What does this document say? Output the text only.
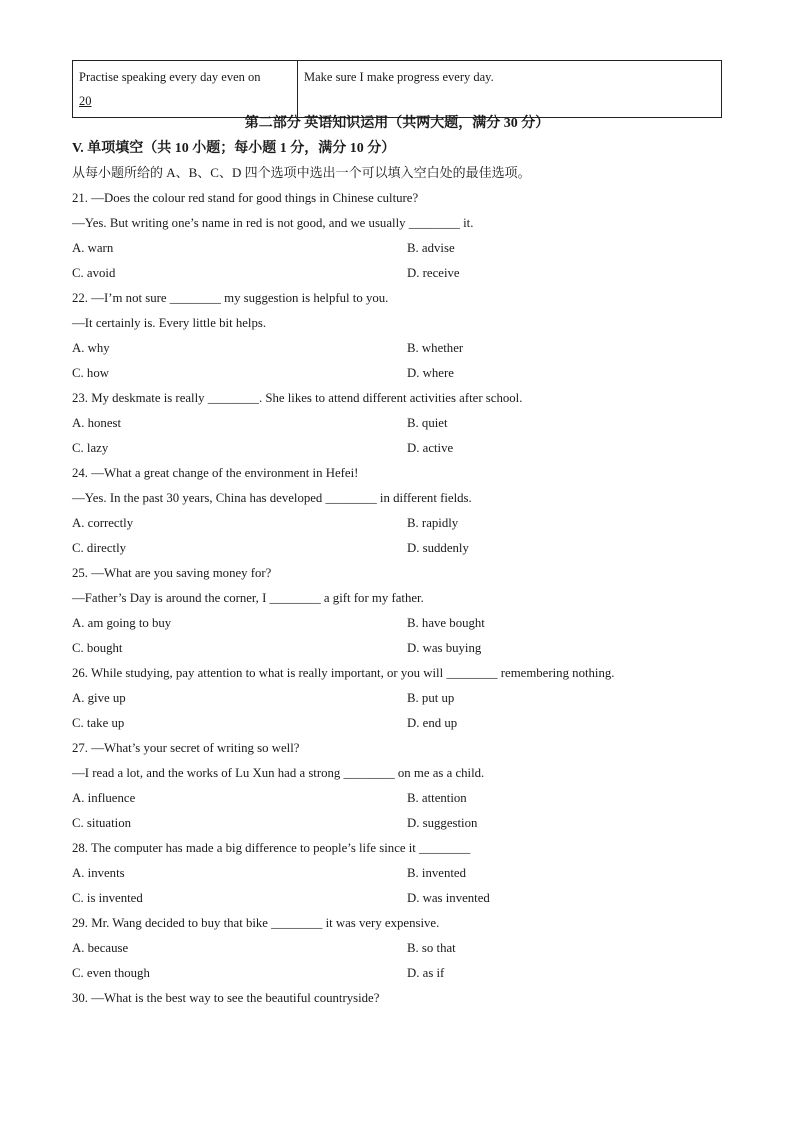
Practise speaking every day even on
20	Make sure I make progress every day.
第二部分 英语知识运用（共两大题，满分 30 分）
V. 单项填空（共 10 小题；每小题 1 分，满分 10 分）
从每小题所给的 A、B、C、D 四个选项中选出一个可以填入空白处的最佳选项。
21. —Does the colour red stand for good things in Chinese culture?
—Yes. But writing one’s name in red is not good, and we usually ________ it.
A. warn	B. advise
C. avoid	D. receive
22. —I’m not sure ________ my suggestion is helpful to you.
—It certainly is. Every little bit helps.
A. why	B. whether
C. how	D. where
23. My deskmate is really ________. She likes to attend different activities after school.
A. honest	B. quiet
C. lazy	D. active
24. —What a great change of the environment in Hefei!
—Yes. In the past 30 years, China has developed ________ in different fields.
A. correctly	B. rapidly
C. directly	D. suddenly
25. —What are you saving money for?
—Father’s Day is around the corner, I ________ a gift for my father.
A. am going to buy	B. have bought
C. bought	D. was buying
26. While studying, pay attention to what is really important, or you will ________ remembering nothing.
A. give up	B. put up
C. take up	D. end up
27. —What’s your secret of writing so well?
—I read a lot, and the works of Lu Xun had a strong ________ on me as a child.
A. influence	B. attention
C. situation	D. suggestion
28. The computer has made a big difference to people’s life since it ________
A. invents	B. invented
C. is invented	D. was invented
29. Mr. Wang decided to buy that bike ________ it was very expensive.
A. because	B. so that
C. even though	D. as if
30. —What is the best way to see the beautiful countryside?
